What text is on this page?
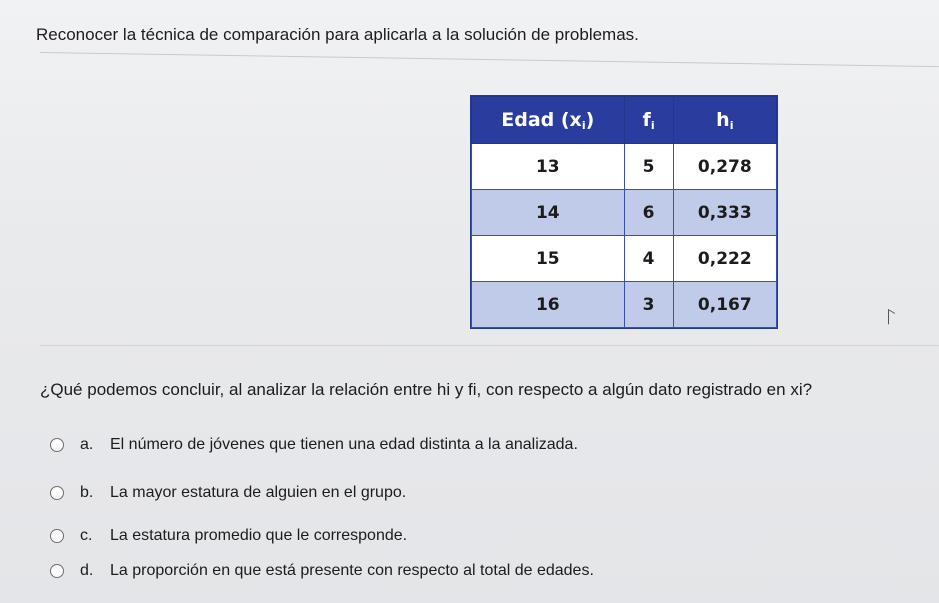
Reconocer la técnica de comparación para aplicarla a la solución de problemas.
Edad $(x_i)$	$f_i$	$h_i$
13	5	0,278
14	6	0,333
15	4	0,222
16	3	0,167
¿Qué podemos concluir, al analizar la relación entre hi y fi, con respecto a algún dato registrado en xi?
a.	El número de jóvenes que tienen una edad distinta a la analizada.
b.	La mayor estatura de alguien en el grupo.
c.	La estatura promedio que le corresponde.
d.	La proporción en que está presente con respecto al total de edades.
